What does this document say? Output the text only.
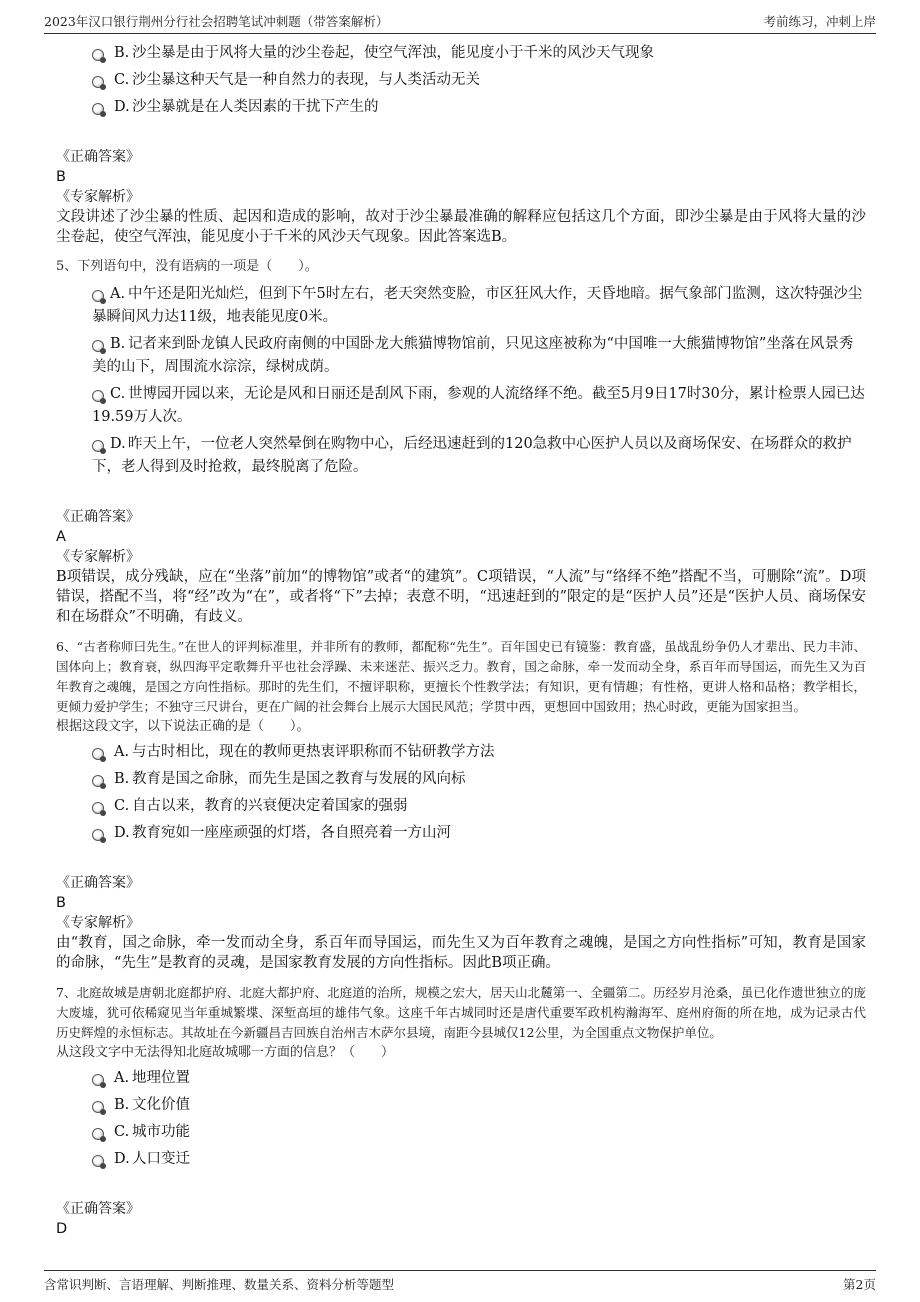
2023年汉口银行荆州分行社会招聘笔试冲刺题（带答案解析）	考前练习，冲刺上岸
B. 沙尘暴是由于风将大量的沙尘卷起，使空气浑浊，能见度小于千米的风沙天气现象
C. 沙尘暴这种天气是一种自然力的表现，与人类活动无关
D. 沙尘暴就是在人类因素的干扰下产生的
《正确答案》
B
《专家解析》
文段讲述了沙尘暴的性质、起因和造成的影响，故对于沙尘暴最准确的解释应包括这几个方面，即沙尘暴是由于风将大量的沙尘卷起，使空气浑浊，能见度小于千米的风沙天气现象。因此答案选B。
5、下列语句中，没有语病的一项是（　　）。
A. 中午还是阳光灿烂，但到下午5时左右，老天突然变脸，市区狂风大作，天昏地暗。据气象部门监测，这次特强沙尘暴瞬间风力达11级，地表能见度0米。
B. 记者来到卧龙镇人民政府南侧的中国卧龙大熊猫博物馆前，只见这座被称为“中国唯一大熊猫博物馆”坐落在风景秀美的山下，周围流水淙淙，绿树成荫。
C. 世博园开园以来，无论是风和日丽还是刮风下雨，参观的人流络绎不绝。截至5月9日17时30分，累计检票人园已达19.59万人次。
D. 昨天上午，一位老人突然晕倒在购物中心，后经迅速赶到的120急救中心医护人员以及商场保安、在场群众的救护下，老人得到及时抢救，最终脱离了危险。
《正确答案》
A
《专家解析》
B项错误，成分残缺，应在“坐落”前加“的博物馆”或者“的建筑”。C项错误，“人流”与“络绎不绝”搭配不当，可删除“流”。D项错误，搭配不当，将“经”改为“在”，或者将“下”去掉；表意不明，“迅速赶到的”限定的是“医护人员”还是“医护人员、商场保安和在场群众”不明确，有歧义。
6、“古者称师曰先生。”在世人的评判标准里，并非所有的教师，都配称“先生”。百年国史已有镜鉴：教育盛，虽战乱纷争仍人才辈出、民力丰沛、国体向上；教育衰，纵四海平定歌舞升平也社会浮躁、未来迷茫、振兴乏力。教育，国之命脉，牵一发而动全身，系百年而导国运，而先生又为百年教育之魂魄，是国之方向性指标。那时的先生们，不擅评职称，更擅长个性教学法；有知识，更有情趣；有性格，更讲人格和品格；教学相长，更倾力爱护学生；不独守三尺讲台，更在广阔的社会舞台上展示大国民风范；学贯中西，更想回中国致用；热心时政，更能为国家担当。
根据这段文字，以下说法正确的是（　　）。
A. 与古时相比，现在的教师更热衷评职称而不钻研教学方法
B. 教育是国之命脉，而先生是国之教育与发展的风向标
C. 自古以来，教育的兴衰便决定着国家的强弱
D. 教育宛如一座座顽强的灯塔，各自照亮着一方山河
《正确答案》
B
《专家解析》
由“教育，国之命脉，牵一发而动全身，系百年而导国运，而先生又为百年教育之魂魄，是国之方向性指标”可知，教育是国家的命脉，“先生”是教育的灵魂，是国家教育发展的方向性指标。因此B项正确。
7、北庭故城是唐朝北庭都护府、北庭大都护府、北庭道的治所，规模之宏大，居天山北麓第一、全疆第二。历经岁月沧桑，虽已化作遗世独立的庞大废墟，犹可依稀窥见当年重城繁堞、深堑高垣的雄伟气象。这座千年古城同时还是唐代重要军政机构瀚海军、庭州府衙的所在地，成为记录古代历史辉煌的永恒标志。其故址在今新疆昌吉回族自治州吉木萨尔县境，南距今县城仅12公里，为全国重点文物保护单位。
从这段文字中无法得知北庭故城哪一方面的信息？（　　）
A. 地理位置
B. 文化价值
C. 城市功能
D. 人口变迁
《正确答案》
D
含常识判断、言语理解、判断推理、数量关系、资料分析等题型	第2页
